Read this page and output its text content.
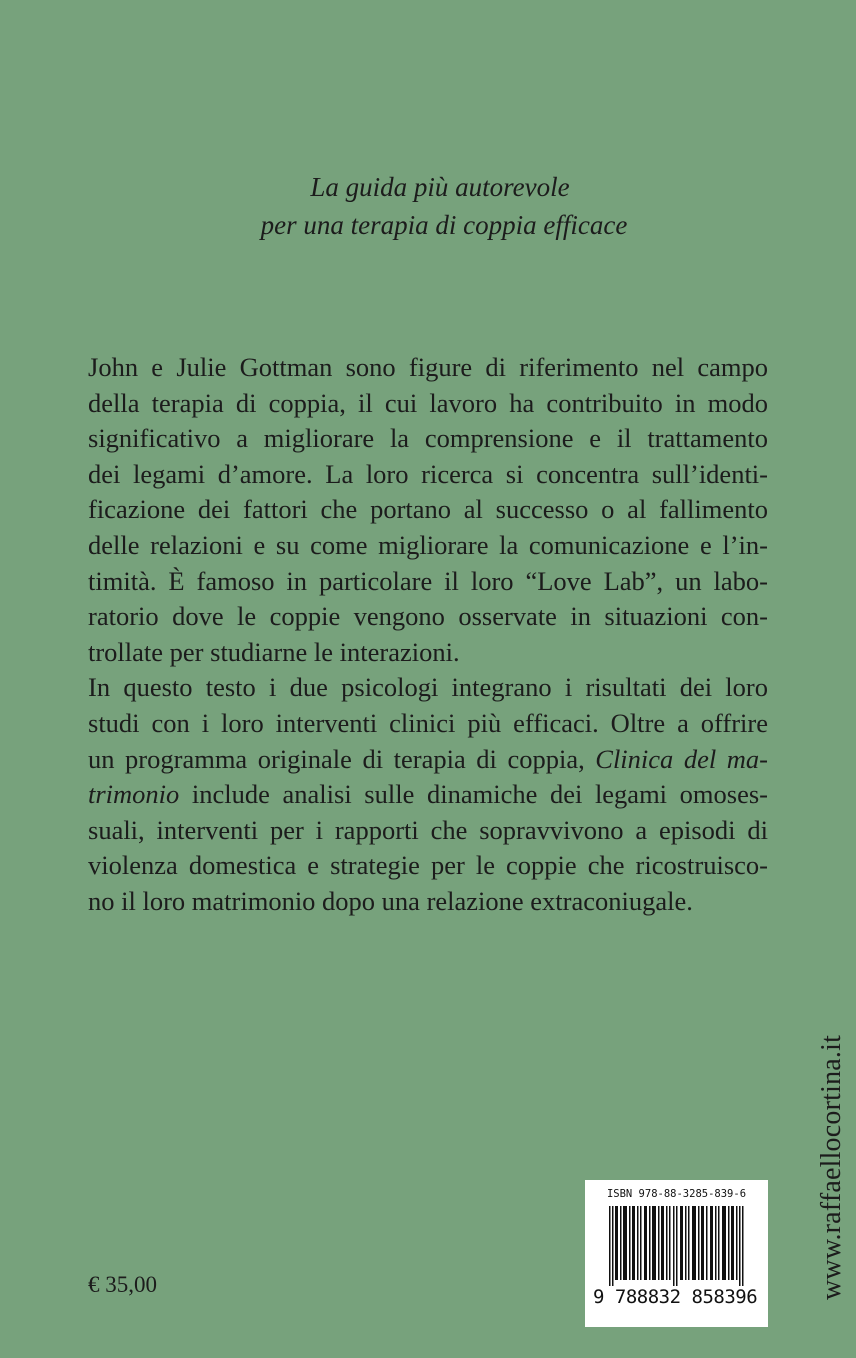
La guida più autorevole
per una terapia di coppia efficace
John e Julie Gottman sono figure di riferimento nel campo
della terapia di coppia, il cui lavoro ha contribuito in modo
significativo a migliorare la comprensione e il trattamento
dei legami d’amore. La loro ricerca si concentra sull’identi-
ficazione dei fattori che portano al successo o al fallimento
delle relazioni e su come migliorare la comunicazione e l’in-
timità. È famoso in particolare il loro “Love Lab”, un labo-
ratorio dove le coppie vengono osservate in situazioni con-
trollate per studiarne le interazioni.
In questo testo i due psicologi integrano i risultati dei loro
studi con i loro interventi clinici più efficaci. Oltre a offrire
un programma originale di terapia di coppia, Clinica del ma-
trimonio include analisi sulle dinamiche dei legami omoses-
suali, interventi per i rapporti che sopravvivono a episodi di
violenza domestica e strategie per le coppie che ricostruisco-
no il loro matrimonio dopo una relazione extraconiugale.
www.raffaellocortina.it
€ 35,00
ISBN 978-88-3285-839-6
9 788832 858396
